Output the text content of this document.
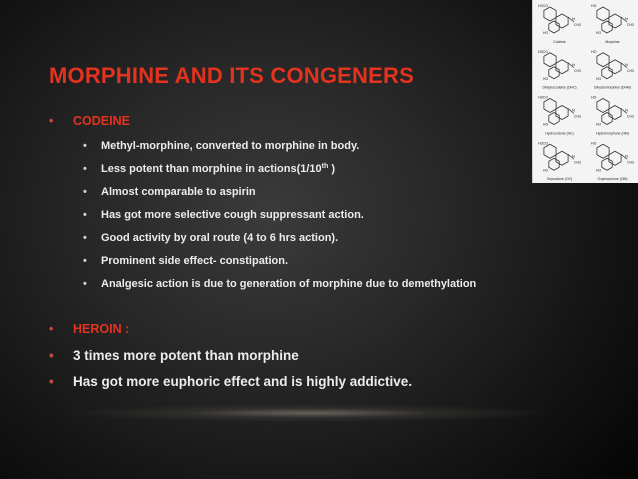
MORPHINE AND ITS CONGENERS
• CODEINE
• Methyl-morphine, converted to morphine in body.
• Less potent than morphine in actions(1/10th )
• Almost comparable to aspirin
• Has got more selective cough suppressant action.
• Good activity by oral route (4 to 6 hrs action).
• Prominent side effect- constipation.
• Analgesic action is due to generation of morphine due to demethylation
• HEROIN :
• 3 times more potent than morphine
• Has got more euphoric effect and is highly addictive.
H3CO
N
CH3
HO
Codeine
HO
N
CH3
HO
Morphine
H3CO
N
CH3
HO
Dihydrocodeine (DHC)
HO
N
CH3
HO
Dihydromorphine (DHM)
H3CO
N
CH3
HO
Hydrocodone (HC)
HO
N
CH3
HO
Hydromorphone (HM)
H3CO
N
CH3
HO
Oxycodone (OC)
HO
N
CH3
HO
Oxymorphone (OM)
